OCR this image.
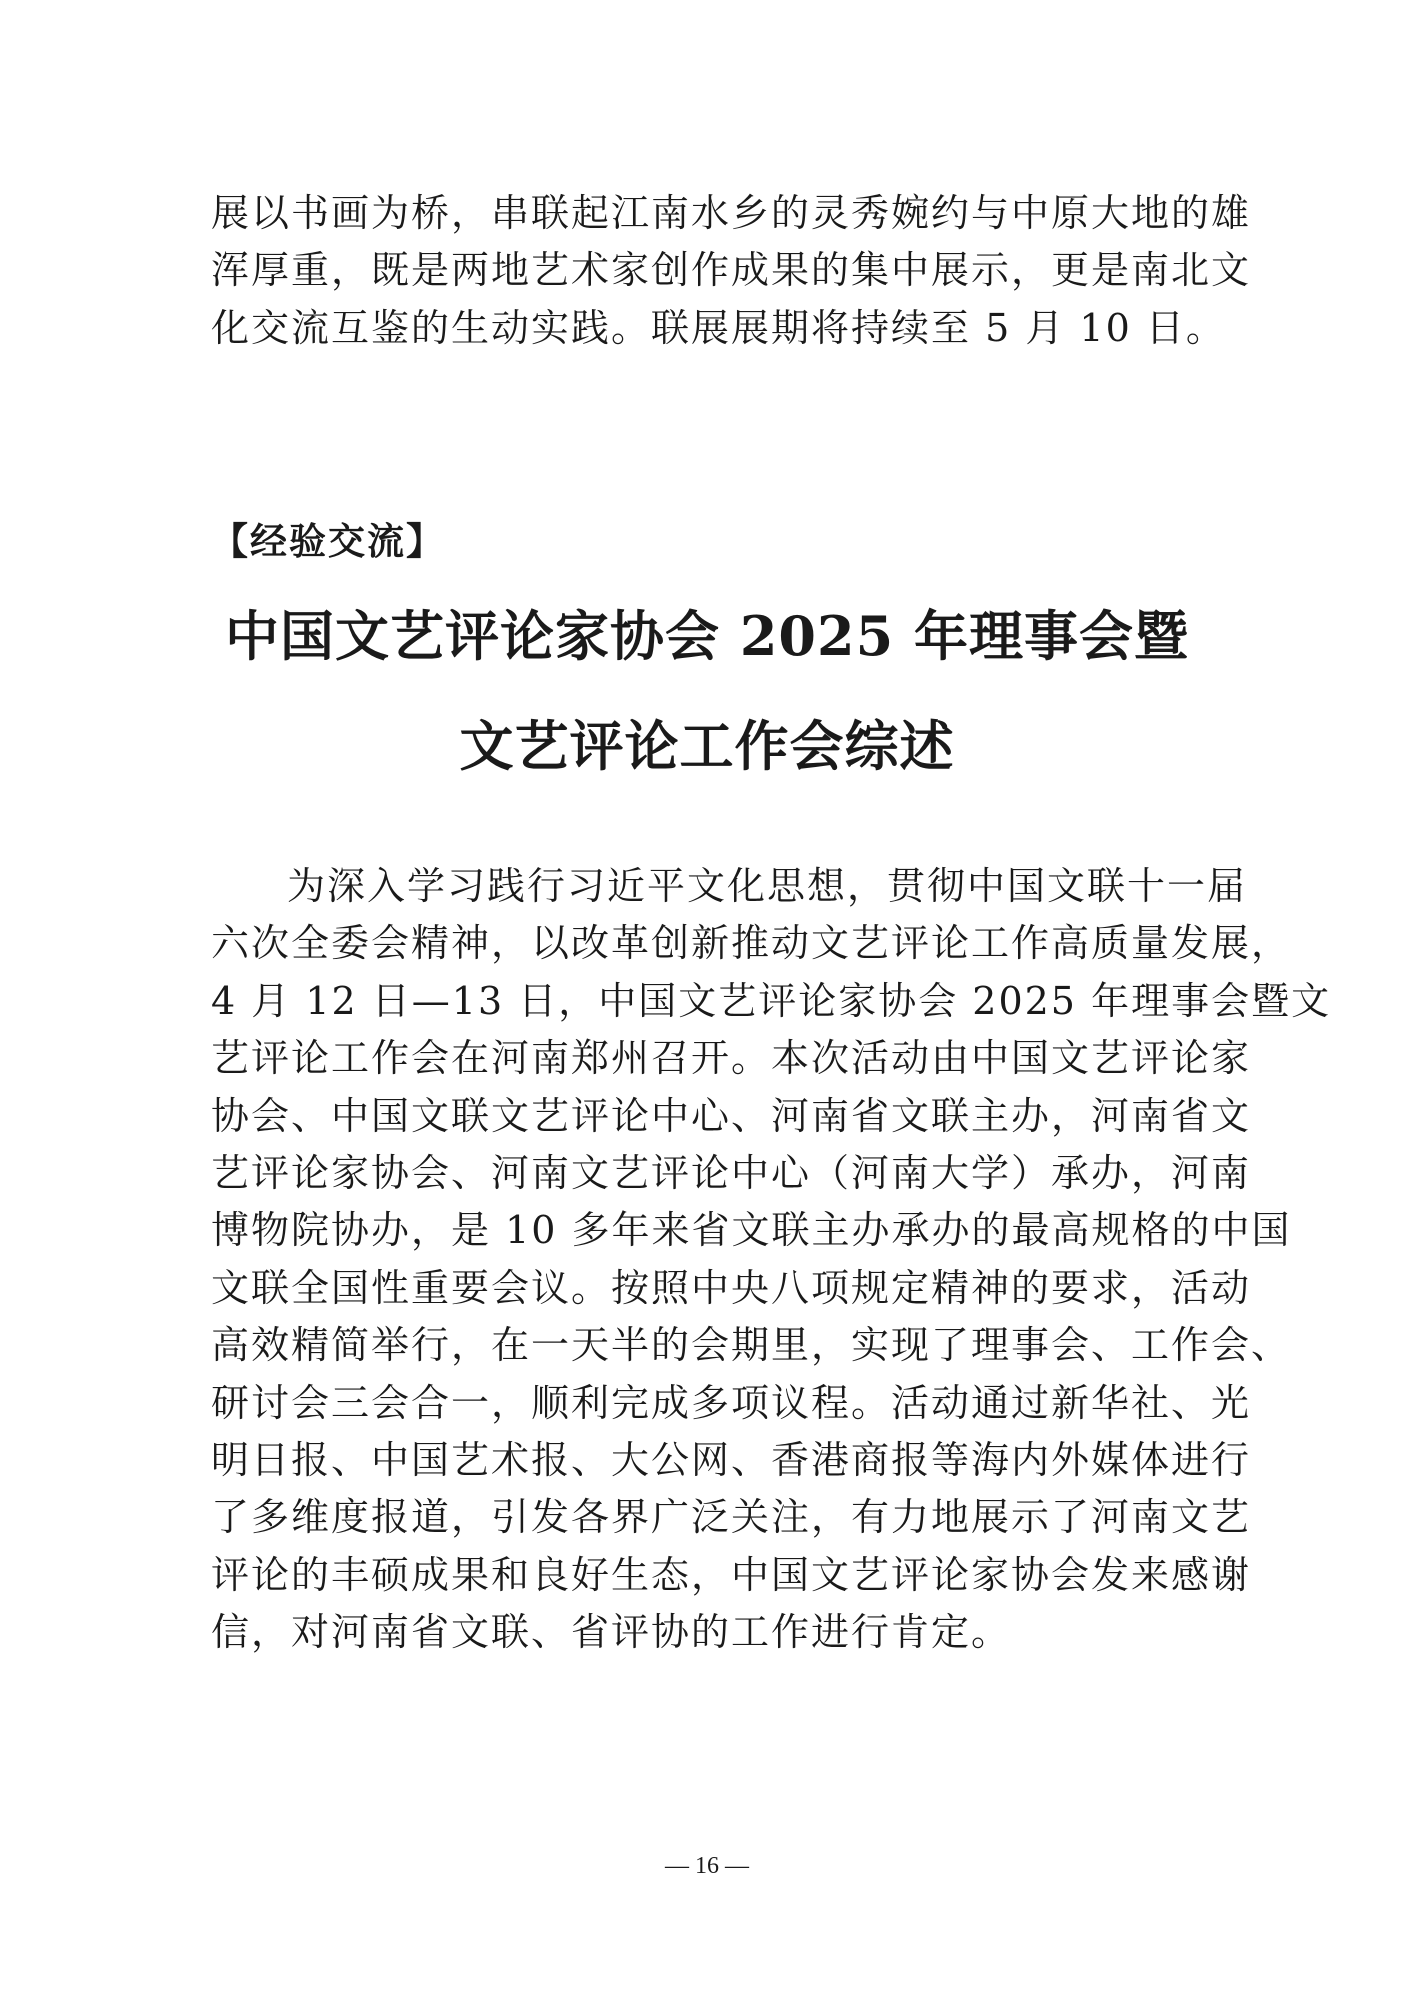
展以书画为桥，串联起江南水乡的灵秀婉约与中原大地的雄
浑厚重，既是两地艺术家创作成果的集中展示，更是南北文
化交流互鉴的生动实践。联展展期将持续至 5 月 10 日。
【经验交流】
中国文艺评论家协会 2025 年理事会暨
文艺评论工作会综述
为深入学习践行习近平文化思想，贯彻中国文联十一届
六次全委会精神，以改革创新推动文艺评论工作高质量发展，
4 月 12 日—13 日，中国文艺评论家协会 2025 年理事会暨文
艺评论工作会在河南郑州召开。本次活动由中国文艺评论家
协会、中国文联文艺评论中心、河南省文联主办，河南省文
艺评论家协会、河南文艺评论中心（河南大学）承办，河南
博物院协办，是 10 多年来省文联主办承办的最高规格的中国
文联全国性重要会议。按照中央八项规定精神的要求，活动
高效精简举行，在一天半的会期里，实现了理事会、工作会、
研讨会三会合一，顺利完成多项议程。活动通过新华社、光
明日报、中国艺术报、大公网、香港商报等海内外媒体进行
了多维度报道，引发各界广泛关注，有力地展示了河南文艺
评论的丰硕成果和良好生态，中国文艺评论家协会发来感谢
信，对河南省文联、省评协的工作进行肯定。
— 16 —
